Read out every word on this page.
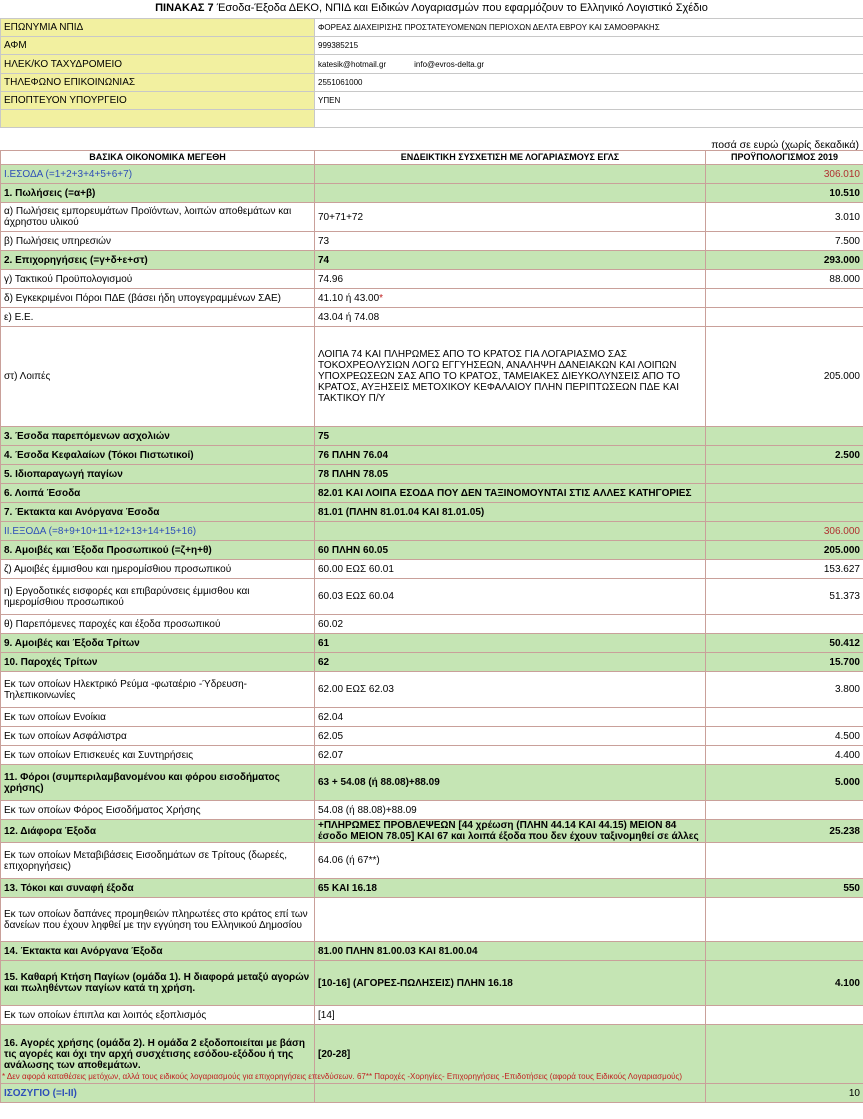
ΠΙΝΑΚΑΣ 7 Έσοδα-Έξοδα ΔΕΚΟ, ΝΠΙΔ και Ειδικών Λογαριασμών που εφαρμόζουν το Ελληνικό Λογιστικό Σχέδιο
ΕΠΩΝΥΜΙΑ ΝΠΙΔ	ΦΟΡΕΑΣ ΔΙΑΧΕΙΡΙΣΗΣ ΠΡΟΣΤΑΤΕΥΟΜΕΝΩΝ ΠΕΡΙΟΧΩΝ ΔΕΛΤΑ ΕΒΡΟΥ ΚΑΙ ΣΑΜΟΘΡΑΚΗΣ
ΑΦΜ	999385215
ΗΛΕΚ/ΚΟ ΤΑΧΥΔΡΟΜΕΙΟ	katesik@hotmail.gr info@evros-delta.gr
ΤΗΛΕΦΩΝΟ ΕΠΙΚΟΙΝΩΝΙΑΣ	2551061000
ΕΠΟΠΤΕΥΟΝ ΥΠΟΥΡΓΕΙΟ	ΥΠΕΝ

ποσά σε ευρώ (χωρίς δεκαδικά)
ΒΑΣΙΚΑ ΟΙΚΟΝΟΜΙΚΑ ΜΕΓΕΘΗ	ΕΝΔΕΙΚΤΙΚΗ ΣΥΣΧΕΤΙΣΗ ΜΕ ΛΟΓΑΡΙΑΣΜΟΥΣ ΕΓΛΣ	ΠΡΟΫΠΟΛΟΓΙΣΜΟΣ 2019
Ι.ΕΣΟΔΑ (=1+2+3+4+5+6+7)		306.010
1. Πωλήσεις (=α+β)		10.510
α) Πωλήσεις εμπορευμάτων Προϊόντων, λοιπών αποθεμάτων και άχρηστου υλικού	70+71+72	3.010
β) Πωλήσεις υπηρεσιών	73	7.500
2. Επιχορηγήσεις (=γ+δ+ε+στ)	74	293.000
γ) Τακτικού Προϋπολογισμού	74.96	88.000
δ) Εγκεκριμένοι Πόροι ΠΔΕ (βάσει ήδη υπογεγραμμένων ΣΑΕ)	41.10 ή 43.00*	
ε) Ε.Ε.	43.04 ή 74.08	
στ) Λοιπές	ΛΟΙΠΑ 74 ΚΑΙ ΠΛΗΡΩΜΕΣ ΑΠΟ ΤΟ ΚΡΑΤΟΣ ΓΙΑ ΛΟΓΑΡΙΑΣΜΟ ΣΑΣ ΤΟΚΟΧΡΕΟΛΥΣΙΩΝ ΛΟΓΩ ΕΓΓΥΗΣΕΩΝ, ΑΝΑΛΗΨΗ ΔΑΝΕΙΑΚΩΝ ΚΑΙ ΛΟΙΠΩΝ ΥΠΟΧΡΕΩΣΕΩΝ ΣΑΣ ΑΠΟ ΤΟ ΚΡΑΤΟΣ, ΤΑΜΕΙΑΚΕΣ ΔΙΕΥΚΟΛΥΝΣΕΙΣ ΑΠΟ ΤΟ ΚΡΑΤΟΣ, ΑΥΞΗΣΕΙΣ ΜΕΤΟΧΙΚΟΥ ΚΕΦΑΛΑΙΟΥ ΠΛΗΝ ΠΕΡΙΠΤΩΣΕΩΝ ΠΔΕ ΚΑΙ ΤΑΚΤΙΚΟΥ Π/Υ	205.000
3. Έσοδα παρεπόμενων ασχολιών	75	
4. Έσοδα Κεφαλαίων (Τόκοι Πιστωτικοί)	76 ΠΛΗΝ 76.04	2.500
5. Ιδιοπαραγωγή παγίων	78 ΠΛΗΝ 78.05	
6. Λοιπά Έσοδα	82.01 ΚΑΙ ΛΟΙΠΑ ΕΣΟΔΑ ΠΟΥ ΔΕΝ ΤΑΞΙΝΟΜΟΥΝΤΑΙ ΣΤΙΣ ΑΛΛΕΣ ΚΑΤΗΓΟΡΙΕΣ	
7. Έκτακτα και Ανόργανα Έσοδα	81.01 (ΠΛΗΝ 81.01.04 ΚΑΙ 81.01.05)	
ΙΙ.ΕΞΟΔΑ (=8+9+10+11+12+13+14+15+16)		306.000
8. Αμοιβές και Έξοδα Προσωπικού (=ζ+η+θ)	60 ΠΛΗΝ 60.05	205.000
ζ) Αμοιβές έμμισθου και ημερομίσθιου προσωπικού	60.00 ΕΩΣ 60.01	153.627
η) Εργοδοτικές εισφορές και επιβαρύνσεις έμμισθου και ημερομίσθιου προσωπικού	60.03 ΕΩΣ 60.04	51.373
θ) Παρεπόμενες παροχές και έξοδα προσωπικού	60.02	
9. Αμοιβές και Έξοδα Τρίτων	61	50.412
10. Παροχές Τρίτων	62	15.700
Εκ των οποίων Ηλεκτρικό Ρεύμα -φωταέριο -Ύδρευση-Τηλεπικοινωνίες	62.00 ΕΩΣ 62.03	3.800
Εκ των οποίων Ενοίκια	62.04	
Εκ των οποίων Ασφάλιστρα	62.05	4.500
Εκ των οποίων Επισκευές και Συντηρήσεις	62.07	4.400
11. Φόροι (συμπεριλαμβανομένου και φόρου εισοδήματος χρήσης)	63 + 54.08 (ή 88.08)+88.09	5.000
Εκ των οποίων Φόρος Εισοδήματος Χρήσης	54.08 (ή 88.08)+88.09	
12. Διάφορα Έξοδα	+ΠΛΗΡΩΜΕΣ ΠΡΟΒΛΕΨΕΩΝ [44 χρέωση (ΠΛΗΝ 44.14 ΚΑΙ 44.15) ΜΕΙΟΝ 84 έσοδο ΜΕΙΟΝ 78.05] ΚΑΙ 67 και λοιπά έξοδα που δεν έχουν ταξινομηθεί σε άλλες	25.238
Εκ των οποίων Μεταβιβάσεις Εισοδημάτων σε Τρίτους (δωρεές, επιχορηγήσεις)	64.06 (ή 67**)	
13. Τόκοι και συναφή έξοδα	65 ΚΑΙ 16.18	550
Εκ των οποίων δαπάνες προμηθειών πληρωτέες στο κράτος επί των δανείων που έχουν ληφθεί με την εγγύηση του Ελληνικού Δημοσίου		
14. Έκτακτα και Ανόργανα Έξοδα	81.00 ΠΛΗΝ 81.00.03 ΚΑΙ 81.00.04	
15. Καθαρή Κτήση Παγίων (ομάδα 1). Η διαφορά μεταξύ αγορών και πωληθέντων παγίων κατά τη χρήση.	[10-16] (ΑΓΟΡΕΣ-ΠΩΛΗΣΕΙΣ) ΠΛΗΝ 16.18	4.100
Εκ των οποίων έπιπλα και λοιπός εξοπλισμός	[14]	
16. Αγορές χρήσης (ομάδα 2). Η ομάδα 2 εξοδοποιείται με βάση τις αγορές και όχι την αρχή συσχέτισης εσόδου-εξόδου ή της ανάλωσης των αποθεμάτων.	[20-28]	
ΙΣΟΖΥΓΙΟ (=Ι-ΙΙ)		10
* Δεν αφορά καταθέσεις μετόχων, αλλά τους ειδικούς λογαριασμούς για επιχορηγήσεις επενδύσεων. 67** Παροχές -Χορηγίες- Επιχορηγήσεις -Επιδοτήσεις (αφορά τους Ειδικούς Λογαριασμούς)
